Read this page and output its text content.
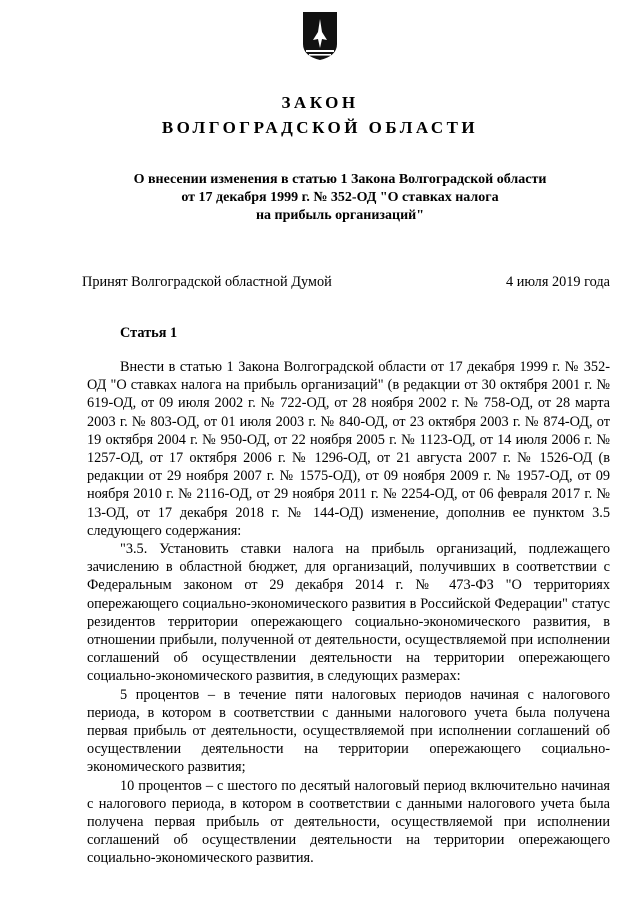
ЗАКОН
ВОЛГОГРАДСКОЙ ОБЛАСТИ
О внесении изменения в статью 1 Закона Волгоградской области
от 17 декабря 1999 г. № 352-ОД "О ставках налога
на прибыль организаций"
Принят Волгоградской областной Думой	4 июля 2019 года
Статья 1

Внести в статью 1 Закона Волгоградской области от 17 декабря 1999 г. № 352-ОД "О ставках налога на прибыль организаций" (в редакции от 30 октября 2001 г. № 619-ОД, от 09 июля 2002 г. № 722-ОД, от 28 ноября 2002 г. № 758-ОД, от 28 марта 2003 г. № 803-ОД, от 01 июля 2003 г. № 840-ОД, от 23 октября 2003 г. № 874-ОД, от 19 октября 2004 г. № 950-ОД, от 22 ноября 2005 г. № 1123-ОД, от 14 июля 2006 г. № 1257-ОД, от 17 октября 2006 г. № 1296-ОД, от 21 августа 2007 г. № 1526-ОД (в редакции от 29 ноября 2007 г. № 1575-ОД), от 09 ноября 2009 г. № 1957-ОД, от 09 ноября 2010 г. № 2116-ОД, от 29 ноября 2011 г. № 2254-ОД, от 06 февраля 2017 г. № 13-ОД, от 17 декабря 2018 г. № 144-ОД) изменение, дополнив ее пунктом 3.5 следующего содержания:

"3.5. Установить ставки налога на прибыль организаций, подлежащего зачислению в областной бюджет, для организаций, получивших в соответствии с Федеральным законом от 29 декабря 2014 г. № 473-ФЗ "О территориях опережающего социально-экономического развития в Российской Федерации" статус резидентов территории опережающего социально-экономического развития, в отношении прибыли, полученной от деятельности, осуществляемой при исполнении соглашений об осуществлении деятельности на территории опережающего социально-экономического развития, в следующих размерах:

5 процентов – в течение пяти налоговых периодов начиная с налогового периода, в котором в соответствии с данными налогового учета была получена первая прибыль от деятельности, осуществляемой при исполнении соглашений об осуществлении деятельности на территории опережающего социально-экономического развития;

10 процентов – с шестого по десятый налоговый период включительно начиная с налогового периода, в котором в соответствии с данными налогового учета была получена первая прибыль от деятельности, осуществляемой при исполнении соглашений об осуществлении деятельности на территории опережающего социально-экономического развития.
